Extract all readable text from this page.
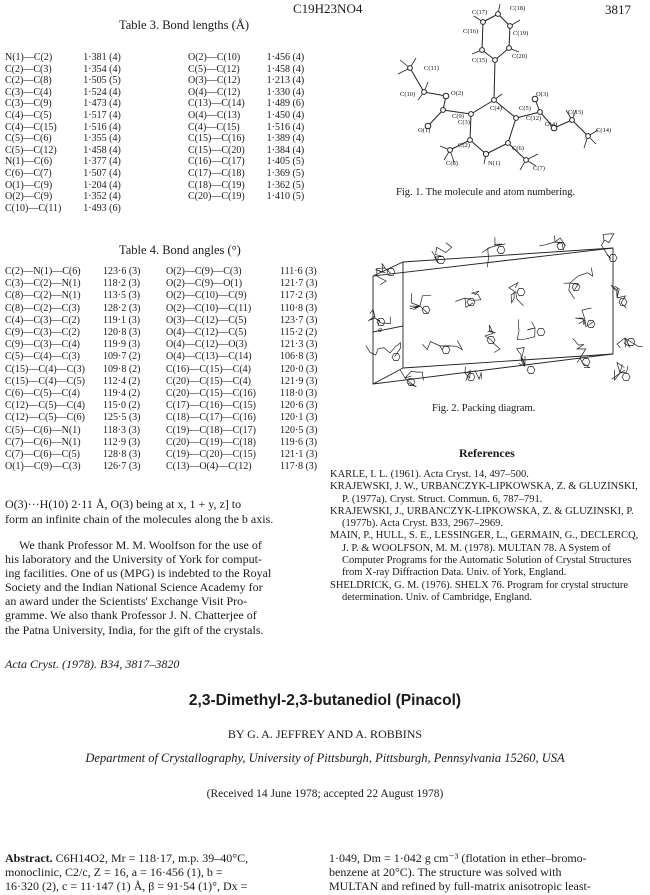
C19H23NO4	3817
Table 3. Bond lengths (Å)
N(1)—C(2)	1·381 (4)
C(2)—C(3)	1·354 (4)
C(2)—C(8)	1·505 (5)
C(3)—C(4)	1·524 (4)
C(3)—C(9)	1·473 (4)
C(4)—C(5)	1·517 (4)
C(4)—C(15)	1·516 (4)
C(5)—C(6)	1·355 (4)
C(5)—C(12)	1·458 (4)
N(1)—C(6)	1·377 (4)
C(6)—C(7)	1·507 (4)
O(1)—C(9)	1·204 (4)
O(2)—C(9)	1·352 (4)
C(10)—C(11)	1·493 (6)
O(2)—C(10)	1·456 (4)
C(5)—C(12)	1·458 (4)
O(3)—C(12)	1·213 (4)
O(4)—C(12)	1·330 (4)
C(13)—C(14)	1·489 (6)
O(4)—C(13)	1·450 (4)
C(4)—C(15)	1·516 (4)
C(15)—C(16)	1·389 (4)
C(15)—C(20)	1·384 (4)
C(16)—C(17)	1·405 (5)
C(17)—C(18)	1·369 (5)
C(18)—C(19)	1·362 (5)
C(20)—C(19)	1·410 (5)
Table 4. Bond angles (°)
C(2)—N(1)—C(6)	123·6 (3)
C(3)—C(2)—N(1)	118·2 (3)
C(8)—C(2)—N(1)	113·5 (3)
C(8)—C(2)—C(3)	128·2 (3)
C(4)—C(3)—C(2)	119·1 (3)
C(9)—C(3)—C(2)	120·8 (3)
C(9)—C(3)—C(4)	119·9 (3)
C(5)—C(4)—C(3)	109·7 (2)
C(15)—C(4)—C(3)	109·8 (2)
C(15)—C(4)—C(5)	112·4 (2)
C(6)—C(5)—C(4)	119·4 (2)
C(12)—C(5)—C(4)	115·0 (2)
C(12)—C(5)—C(6)	125·5 (3)
C(5)—C(6)—N(1)	118·3 (3)
C(7)—C(6)—N(1)	112·9 (3)
C(7)—C(6)—C(5)	128·8 (3)
O(1)—C(9)—C(3)	126·7 (3)
O(2)—C(9)—C(3)	111·6 (3)
O(2)—C(9)—O(1)	121·7 (3)
O(2)—C(10)—C(9)	117·2 (3)
O(2)—C(10)—C(11)	110·8 (3)
O(3)—C(12)—C(5)	123·7 (3)
O(4)—C(12)—C(5)	115·2 (2)
O(4)—C(12)—O(3)	121·3 (3)
O(4)—C(13)—C(14)	106·8 (3)
C(16)—C(15)—C(4)	120·0 (3)
C(20)—C(15)—C(4)	121·9 (3)
C(20)—C(15)—C(16)	118·0 (3)
C(17)—C(16)—C(15)	120·6 (3)
C(18)—C(17)—C(16)	120·1 (3)
C(19)—C(18)—C(17)	120·5 (3)
C(20)—C(19)—C(18)	119·6 (3)
C(19)—C(20)—C(15)	121·1 (3)
C(13)—O(4)—C(12)	117·8 (3)
O(3)···H(10) 2·11 Å, O(3) being at x, 1 + y, z] to
form an infinite chain of the molecules along the b axis.
We thank Professor M. M. Woolfson for the use of
his laboratory and the University of York for comput-
ing facilities. One of us (MPG) is indebted to the Royal
Society and the Indian National Science Academy for
an award under the Scientists' Exchange Visit Pro-
gramme. We also thank Professor J. N. Chatterjee of
the Patna University, India, for the gift of the crystals.
C(17)
C(18)
C(16)	C(19)
C(11)
C(20)
C(10)	O(2)	O(3)
C(9)
C(15)
C(4)
C(12)
O(4)
C(13)
C(3)
C(5)
O(1)	C(14)
C(2)	C(6)
C(8)	N(1)
C(7)
Fig. 1. The molecule and atom numbering.
a
Fig. 2. Packing diagram.
References
KARLE, I. L. (1961). Acta Cryst. 14, 497–500.
KRAJEWSKI, J. W., URBANCZYK-LIPKOWSKA, Z. & GLUZINSKI, P. (1977a). Cryst. Struct. Commun. 6, 787–791.
KRAJEWSKI, J., URBANCZYK-LIPKOWSKA, Z. & GLUZINSKI, P. (1977b). Acta Cryst. B33, 2967–2969.
MAIN, P., HULL, S. E., LESSINGER, L., GERMAIN, G., DECLERCQ, J. P. & WOOLFSON, M. M. (1978). MULTAN 78. A System of Computer Programs for the Automatic Solution of Crystal Structures from X-ray Diffraction Data. Univ. of York, England.
SHELDRICK, G. M. (1976). SHELX 76. Program for crystal structure determination. Univ. of Cambridge, England.
Acta Cryst. (1978). B34, 3817–3820
2,3-Dimethyl-2,3-butanediol (Pinacol)
BY G. A. JEFFREY AND A. ROBBINS
Department of Crystallography, University of Pittsburgh, Pittsburgh, Pennsylvania 15260, USA
(Received 14 June 1978; accepted 22 August 1978)
Abstract. C6H14O2, Mr = 118·17, m.p. 39–40°C,
monoclinic, C2/c, Z = 16, a = 16·456 (1), b =
16·320 (2), c = 11·147 (1) Å, β = 91·54 (1)°, Dx =
1·049, Dm = 1·042 g cm⁻³ (flotation in ether–bromo-
benzene at 20°C). The structure was solved with
MULTAN and refined by full-matrix anisotropic least-
